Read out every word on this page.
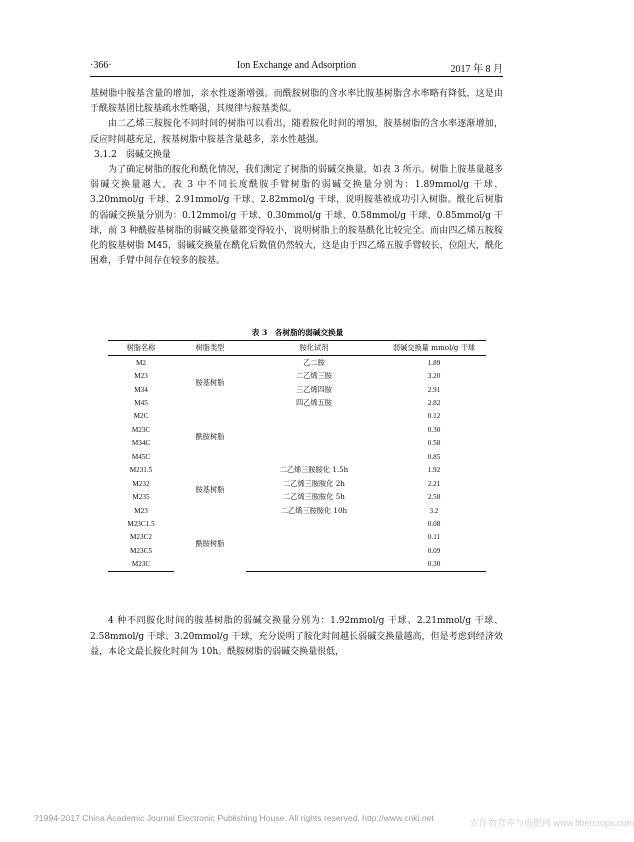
·366·	Ion Exchange and Adsorption	2017 年 8 月

基树脂中胺基含量的增加，亲水性逐渐增强。而酰胺树脂的含水率比胺基树脂含水率略有降低，这是由于酰胺基团比胺基疏水性略强，其规律与胺基类似。

由二乙烯三胺胺化不同时间的树脂可以看出，随着胺化时间的增加，胺基树脂的含水率逐渐增加，反应时间越充足，胺基树脂中胺基含量越多，亲水性越强。

3.1.2　弱碱交换量

为了确定树脂的胺化和酰化情况，我们测定了树脂的弱碱交换量，如表 3 所示。树脂上胺基量越多弱碱交换量越大，表 3 中不同长度酰胺手臂树脂的弱碱交换量分别为：1.89mmol/g 干球、3.20mmol/g 干球、2.91mmol/g 干球、2.82mmol/g 干球，说明胺基被成功引入树脂。酰化后树脂的弱碱交换量分别为：0.12mmol/g 干球、0.30mmol/g 干球、0.58mmol/g 干球、0.85mmol/g 干球，前 3 种酰胺基树脂的弱碱交换量都变得较小，说明树脂上的胺基酰化比较完全。而由四乙烯五胺胺化的胺基树脂 M45，弱碱交换量在酰化后数值仍然较大，这是由于四乙烯五胺手臂较长，位阻大，酰化困难，手臂中间存在较多的胺基。

表 3　各树脂的弱碱交换量
树脂名称	树脂类型	胺化试剂	弱碱交换量 mmol/g 干球
M2	胺基树脂	乙二胺	1.89
M23		二乙烯三胺	3.20
M34		三乙烯四胺	2.91
M45		四乙烯五胺	2.82
M2C	酰胺树脂		0.12
M23C			0.30
M34C			0.58
M45C			0.85
M231.5	胺基树脂	二乙烯三胺胺化 1.5h	1.92
M232		二乙烯三胺胺化 2h	2.21
M235		二乙烯三胺胺化 5h	2.58
M23		二乙烯三胺胺化 10h	3.2
M23C1.5	酰胺树脂		0.08
M23C2			0.11
M23C5			0.09
M23C			0.30

4 种不同胺化时间的胺基树脂的弱碱交换量分别为：1.92mmol/g 干球、2.21mmol/g 干球、2.58mmol/g 干球、3.20mmol/g 干球，充分说明了胺化时间越长弱碱交换量越高，但是考虑到经济效益，本论文最长胺化时间为 10h。酰胺树脂的弱碱交换量很低，

?1994-2017 China Academic Journal Electronic Publishing House. All rights reserved. http://www.cnki.net	农作物营养与施肥网 www.fibercrops.com
